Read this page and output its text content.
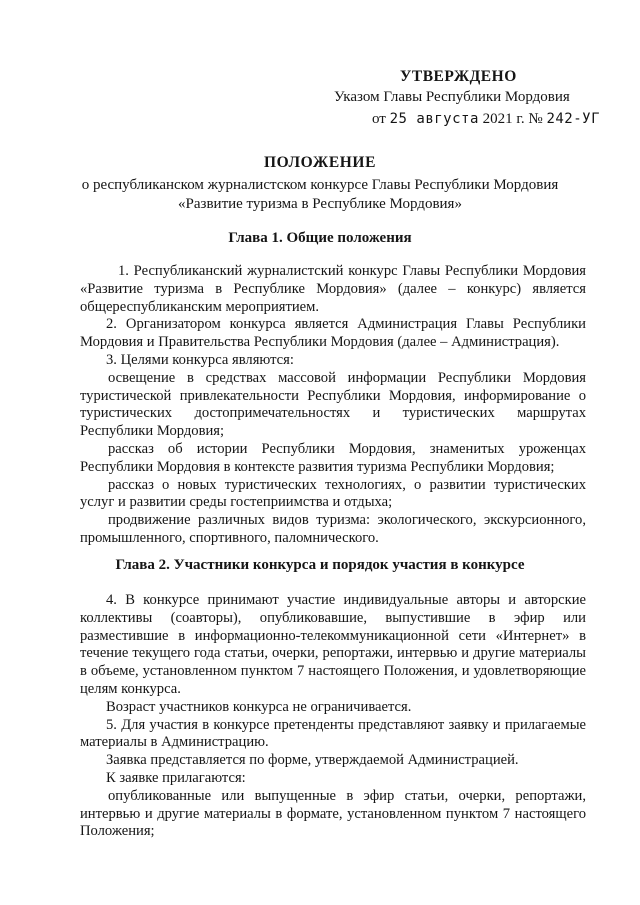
УТВЕРЖДЕНО
Указом Главы Республики Мордовия
от 25 августа 2021 г. № 242-УГ
ПОЛОЖЕНИЕ
о республиканском журналистском конкурсе Главы Республики Мордовия
«Развитие туризма в Республике Мордовия»
Глава 1. Общие положения

1. Республиканский журналистский конкурс Главы Республики Мордовия «Развитие туризма в Республике Мордовия» (далее – конкурс) является общереспубликанским мероприятием.

2. Организатором конкурса является Администрация Главы Республики Мордовия и Правительства Республики Мордовия (далее – Администрация).

3. Целями конкурса являются:

освещение в средствах массовой информации Республики Мордовия туристической привлекательности Республики Мордовия, информирование о туристических достопримечательностях и туристических маршрутах Республики Мордовия;

рассказ об истории Республики Мордовия, знаменитых уроженцах Республики Мордовия в контексте развития туризма Республики Мордовия;

рассказ о новых туристических технологиях, о развитии туристических услуг и развитии среды гостеприимства и отдыха;

продвижение различных видов туризма: экологического, экскурсионного, промышленного, спортивного, паломнического.

Глава 2. Участники конкурса и порядок участия в конкурсе

4. В конкурсе принимают участие индивидуальные авторы и авторские коллективы (соавторы), опубликовавшие, выпустившие в эфир или разместившие в информационно-телекоммуникационной сети «Интернет» в течение текущего года статьи, очерки, репортажи, интервью и другие материалы в объеме, установленном пунктом 7 настоящего Положения, и удовлетворяющие целям конкурса.

Возраст участников конкурса не ограничивается.

5. Для участия в конкурсе претенденты представляют заявку и прилагаемые материалы в Администрацию.

Заявка представляется по форме, утверждаемой Администрацией.

К заявке прилагаются:

опубликованные или выпущенные в эфир статьи, очерки, репортажи, интервью и другие материалы в формате, установленном пунктом 7 настоящего Положения;
